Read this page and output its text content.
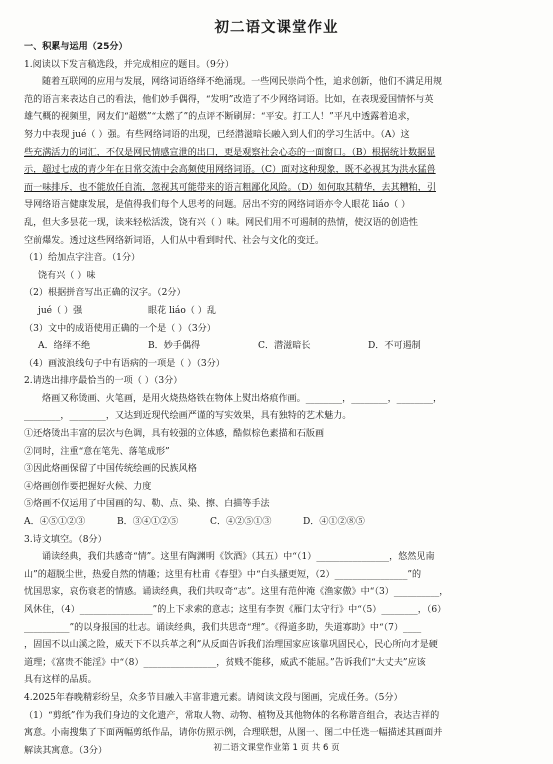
初二语文课堂作业

一、积累与运用（25分）

1.阅读以下发言稿选段，并完成相应的题目。（9分）

随着互联网的应用与发展，网络词语络绎不绝涌现。一些网民崇尚个性，追求创新，他们不满足用规

范的语言来表达自己的看法，他们妙手偶得，“发明”改造了不少网络词语。比如，在表现爱国情怀与英

雄气概的视频里，网友们“超燃”“太燃了”的点评不断刷屏：“平安。打工人！”平凡中透露着追求，

努力中表现 jué（ ）强。有些网络词语的出现，已经潜滋暗长融入到人们的学习生活中。（A）这

些充满活力的词汇，不仅是网民情感宣泄的出口，更是观察社会心态的一面窗口。（B）根据统计数据显

示，超过七成的青少年在日常交流中会高频使用网络词语。（C）面对这种现象，既不必视其为洪水猛兽

而一味排斥，也不能放任自流，忽视其可能带来的语言粗鄙化风险。（D）如何取其精华，去其糟粕，引

导网络语言健康发展，是值得我们每个人思考的问题。居出不穷的网络词语亦令人眼花 liáo（ ）

乱，但大多昙花一现，读来轻松活泼，饶有兴（ ）味。网民们用不可遏制的热情，使汉语的创造性

空前爆发。透过这些网络新词语，人们从中看到时代、社会与文化的变迁。

（1）给加点字注音。（1分）

饶有兴（ ）味

（2）根据拼音写出正确的汉字。（2分）

jué（ ）强	眼花 liáo（ ）乱

（3）文中的成语使用正确的一个是（ ）（3分）

A．络绎不绝	B．妙手偶得	C．潜滋暗长	D．不可遏制

（4）画波浪线句子中有语病的一项是（ ）（3分）

2.请选出排序最恰当的一项（ ）（3分）

烙画又称烫画、火笔画，是用火烧热烙铁在物体上熨出烙痕作画。________，________，________，

________，________，又达到近现代绘画严谨的写实效果，具有独特的艺术魅力。

①还烙烫出丰富的层次与色调，具有较强的立体感，酷似棕色素描和石版画

②同时，注重“意在笔先、落笔成形”

③因此烙画保留了中国传统绘画的民族风格

④烙画创作要把握好火候、力度

⑤烙画不仅运用了中国画的勾、勒、点、染、擦、白描等手法

A．④⑤①②③	B．③④①②⑤	C．④②⑤①③	D．④①②⑧⑤

3.诗文填空。（8分）

诵读经典，我们共感奇“情”。这里有陶渊明《饮酒》（其五）中“（1）________________，悠然见南

山”的超脱尘世，热爱自然的情趣；这里有杜甫《春望》中“白头搔更短，（2）________________”的

忧国思家，哀伤衰老的情感。诵读经典，我们共叹奇“志”。这里有范仲淹《渔家傲》中“（3）__________，

风休住，（4）________________”的上下求索的意志；这里有李贺《雁门太守行》中“（5）________，（6）

__________”的以身报国的壮志。诵读经典，我们共思奇“理”。《得道多助，失道寡助》中“（7）____

，固国不以山溪之险，威天下不以兵革之利”从反面告诉我们治理国家应该靠巩固民心，民心所向才是硬

道理；《富贵不能淫》中“（8）________________，贫贱不能移，威武不能屈。”告诉我们“大丈夫”应该

具有这样的品质。

4.2025年春晚精彩纷呈，众多节目融入丰富非遗元素。请阅读文段与图画，完成任务。（5分）

（1）“剪纸”作为我们身边的文化遗产，常取人物、动物、植物及其他物体的名称谐音组合，表达吉祥的

寓意。小南搜集了下面两幅剪纸作品，请你仿照示例，合理联想，从图一、图二中任选一幅描述其画面并

解读其寓意。（3分）	初二语文课堂作业第 1 页 共 6 页
